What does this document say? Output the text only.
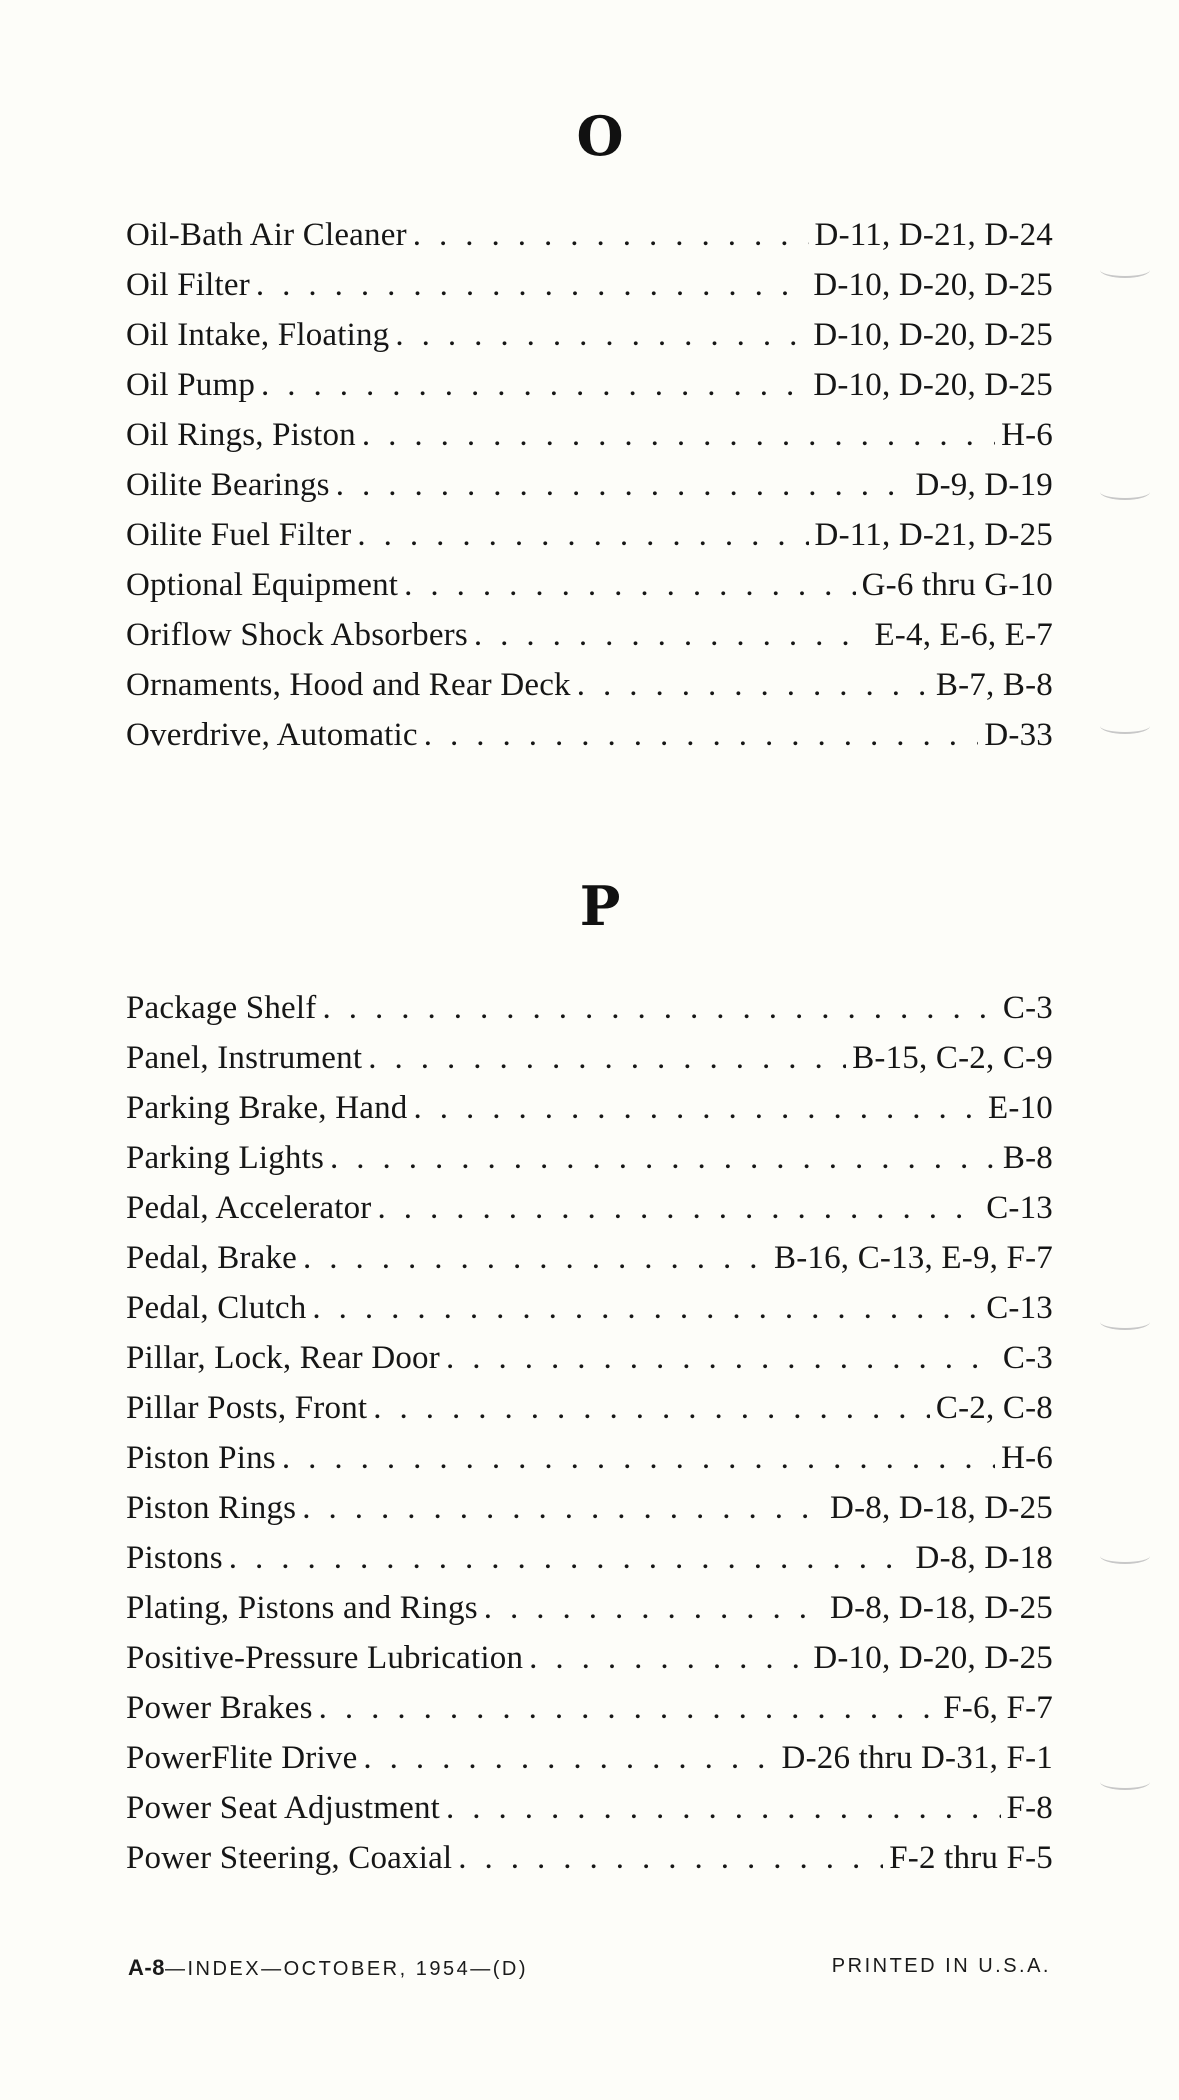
O
Oil-Bath Air Cleaner . .	D-11, D-21, D-24
Oil Filter . .	D-10, D-20, D-25
Oil Intake, Floating . .	D-10, D-20, D-25
Oil Pump . .	D-10, D-20, D-25
Oil Rings, Piston . .	H-6
Oilite Bearings . .	D-9, D-19
Oilite Fuel Filter . .	D-11, D-21, D-25
Optional Equipment . .	G-6 thru G-10
Oriflow Shock Absorbers . .	E-4, E-6, E-7
Ornaments, Hood and Rear Deck . .	B-7, B-8
Overdrive, Automatic . .	D-33
P
Package Shelf . .	C-3
Panel, Instrument . .	B-15, C-2, C-9
Parking Brake, Hand . .	E-10
Parking Lights . .	B-8
Pedal, Accelerator . .	C-13
Pedal, Brake . .	B-16, C-13, E-9, F-7
Pedal, Clutch . .	C-13
Pillar, Lock, Rear Door . .	C-3
Pillar Posts, Front . .	C-2, C-8
Piston Pins . .	H-6
Piston Rings . .	D-8, D-18, D-25
Pistons . .	D-8, D-18
Plating, Pistons and Rings . .	D-8, D-18, D-25
Positive-Pressure Lubrication . .	D-10, D-20, D-25
Power Brakes . .	F-6, F-7
PowerFlite Drive . .	D-26 thru D-31, F-1
Power Seat Adjustment . .	F-8
Power Steering, Coaxial . .	F-2 thru F-5
A-8—INDEX—OCTOBER, 1954—(D)	PRINTED IN U.S.A.
